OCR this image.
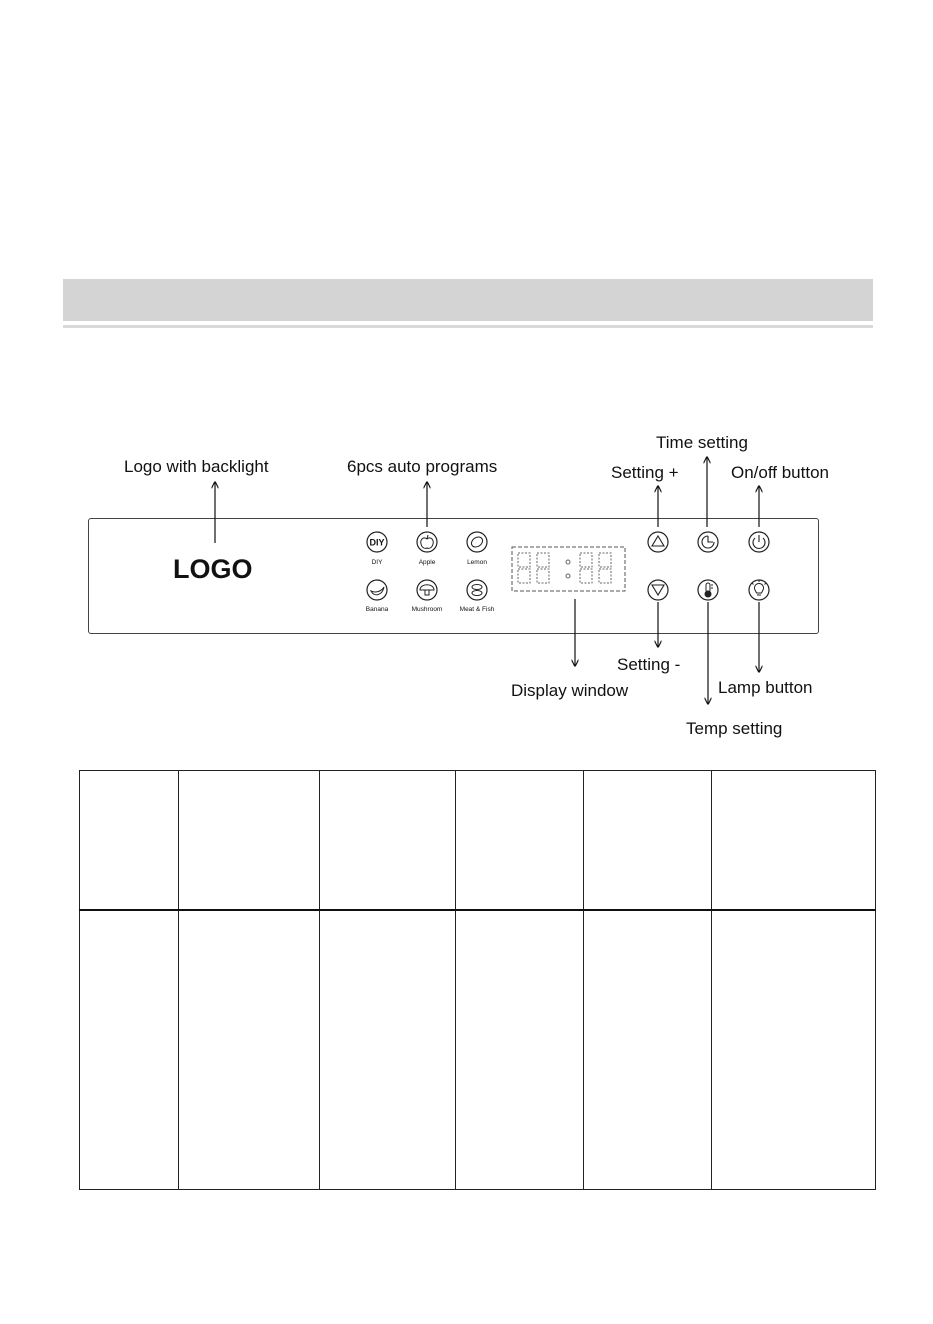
Logo with backlight	6pcs auto programs
Time setting
Setting +	On/off button
Setting -
Display window	Lamp button
Temp setting
LOGO	DIY	Apple	Lemon
Banana	Mushroom	Meat & Fish
DIY
